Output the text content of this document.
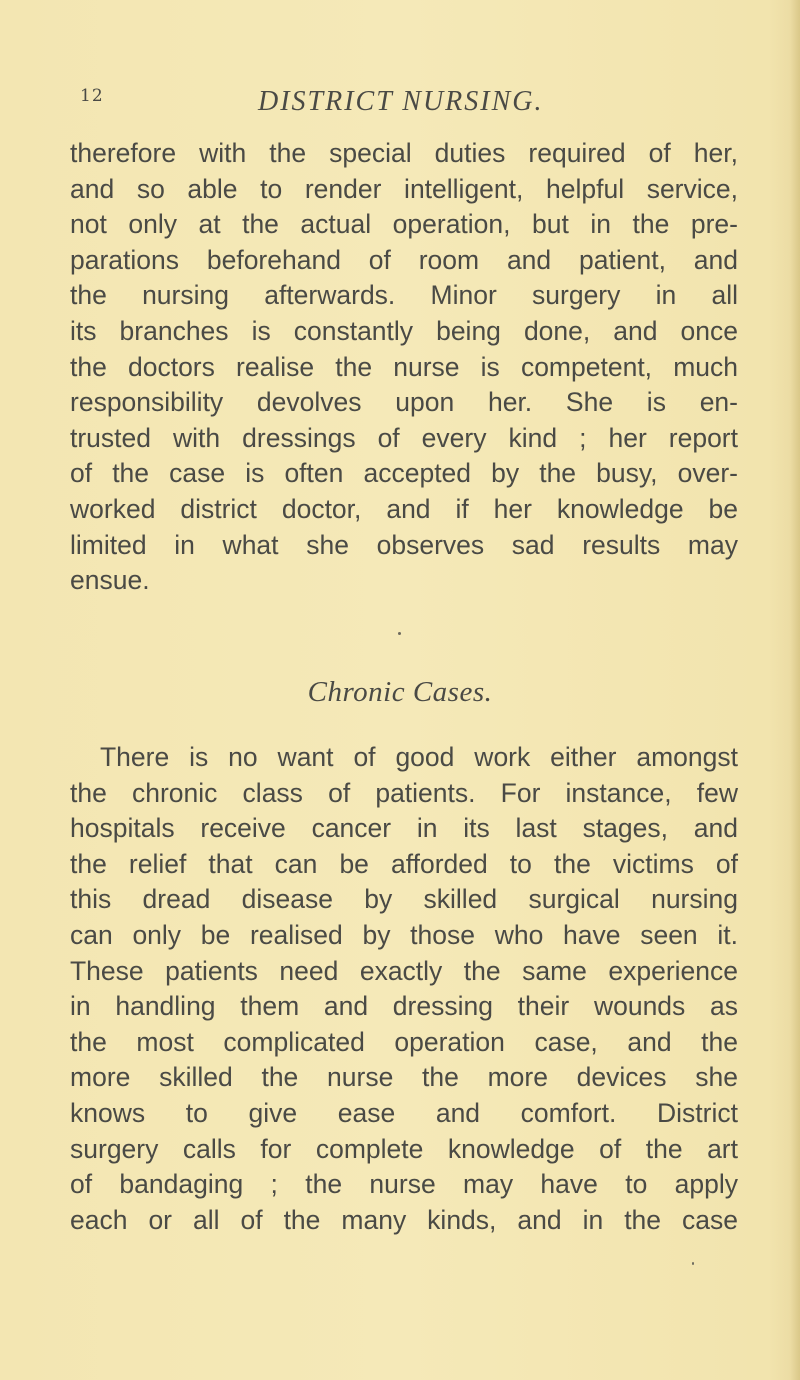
12	DISTRICT NURSING.
therefore with the special duties required of her,
and so able to render intelligent, helpful service,
not only at the actual operation, but in the pre-
parations beforehand of room and patient, and
the nursing afterwards. Minor surgery in all
its branches is constantly being done, and once
the doctors realise the nurse is competent, much
responsibility devolves upon her. She is en-
trusted with dressings of every kind ; her report
of the case is often accepted by the busy, over-
worked district doctor, and if her knowledge be
limited in what she observes sad results may
ensue.
Chronic Cases.
There is no want of good work either amongst
the chronic class of patients. For instance, few
hospitals receive cancer in its last stages, and
the relief that can be afforded to the victims of
this dread disease by skilled surgical nursing
can only be realised by those who have seen it.
These patients need exactly the same experience
in handling them and dressing their wounds as
the most complicated operation case, and the
more skilled the nurse the more devices she
knows to give ease and comfort. District
surgery calls for complete knowledge of the art
of bandaging ; the nurse may have to apply
each or all of the many kinds, and in the case
